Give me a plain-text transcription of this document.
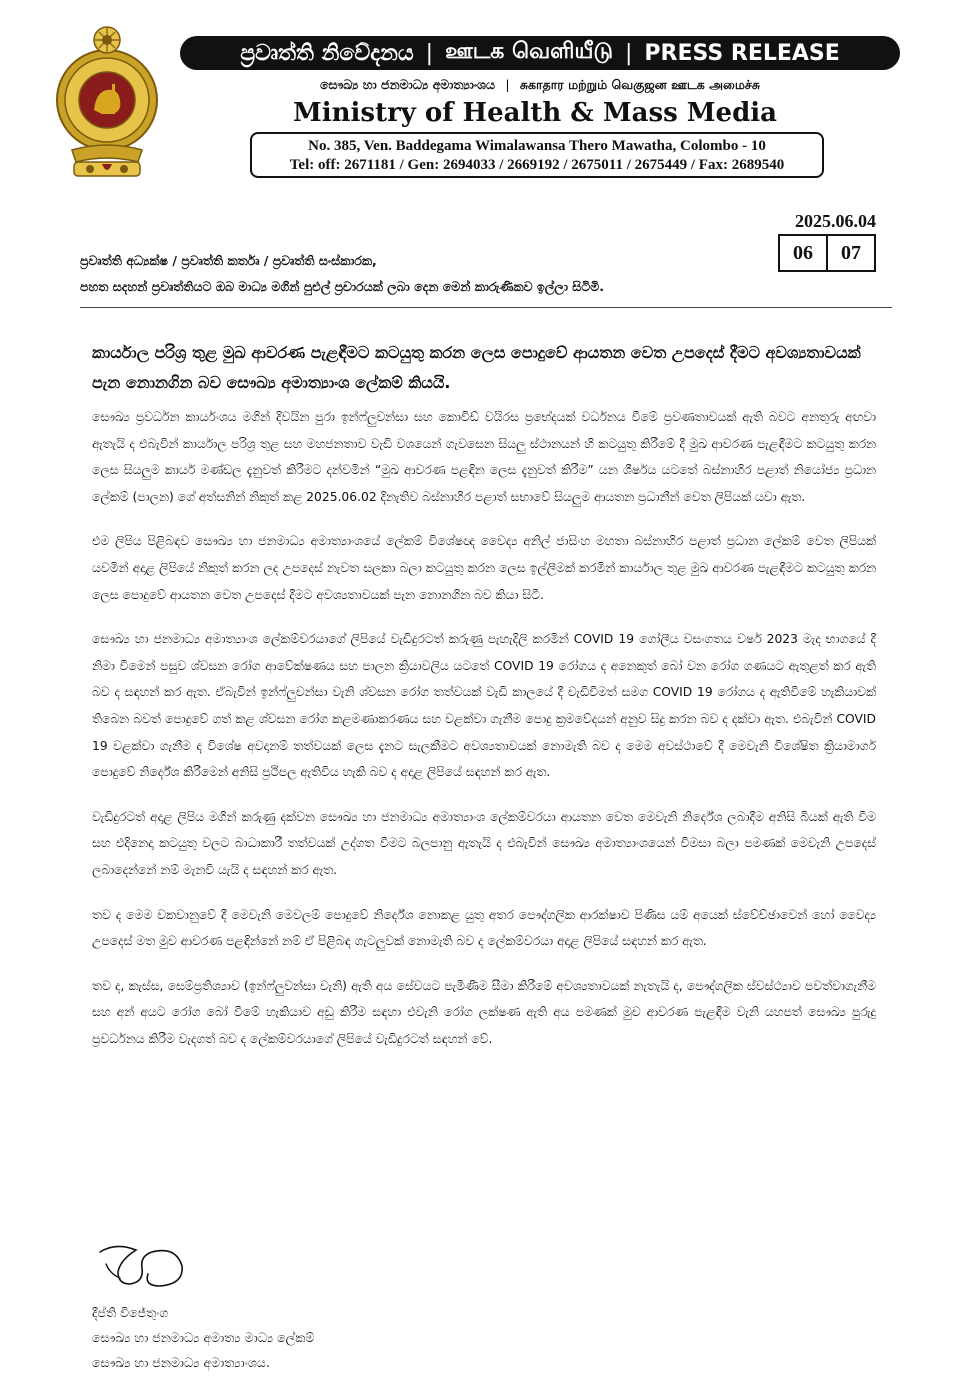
ප්‍රවෘත්ති නිවේදනය | ஊடக வெளியீடு | PRESS RELEASE
සෞඛ්‍ය හා ජනමාධ්‍ය අමාත්‍යාංශය | சுகாதார மற்றும் வெகுஜன ஊடக அமைச்சு
Ministry of Health & Mass Media
No. 385, Ven. Baddegama Wimalawansa Thero Mawatha, Colombo - 10
Tel: off: 2671181 / Gen: 2694033 / 2669192 / 2675011 / 2675449 / Fax: 2689540
2025.06.04
06	07
ප්‍රවෘත්ති අධ්‍යක්ෂ / ප්‍රවෘත්ති කර්තෘ / ප්‍රවෘත්ති සංස්කාරක,
පහත සදහන් ප්‍රවෘත්තියට ඔබ මාධ්‍ය මගින් පුළුල් ප්‍රචාරයක් ලබා දෙන මෙන් කාරුණිකව ඉල්ලා සිටිමි.
කාර්යාල පරිශ්‍ර තුළ මුඛ ආවරණ පැළඳීමට කටයුතු කරන ලෙස පොදුවේ ආයතන වෙත උපදෙස් දීමට අවශ්‍යතාවයක් පැන නොනගින බව සෞඛ්‍ය අමාත්‍යාංශ ලේකම් කියයි.

සෞඛ්‍ය ප්‍රවර්ධන කාර්යංශය මගින් දිවයින පුරා ඉන්ෆ්ලුවන්සා සහ කොවිඩ් වයිරස ප්‍රභේදයක් වර්ධනය වීමේ ප්‍රවණතාවයක් ඇති බවට අනතුරු අඟවා ඇතැයි ද එබැවින් කාර්යාල පරිශ්‍ර තුළ සහ මහජනතාව වැඩි වශයෙන් ගැවසෙන සියලු ස්ථානයන් හි කටයුතු කිරීමේ දී මුඛ ආවරණ පැළඳීමට කටයුතු කරන ලෙස සියලුම කාර්ය මණ්ඩල දැනුවත් කිරීමට දන්වමින් “මුඛ ආවරණ පළඳින ලෙස දැනුවත් කිරීම” යන ශීර්ෂය යටතේ බස්නාහිර පළාත් නියෝජ්‍ය ප්‍රධාන ලේකම් (පාලන) ගේ අත්සනින් නිකුත් කළ 2025.06.02 දිනැතිව බස්නාහිර පළාත් සභාවේ සියලුම ආයතන ප්‍රධානීන් වෙත ලිපියක් යවා ඇත.

එම ලිපිය පිළිබඳව සෞඛ්‍ය හා ජනමාධ්‍ය අමාත්‍යාංශයේ ලේකම් විශේෂඥ වෛද්‍ය අනිල් ජාසිංහ මහතා බස්නාහිර පළාත් ප්‍රධාන ලේකම් වෙත ලිපියක් යවමින් අදාළ ලිපියේ නිකුත් කරන ලද උපදෙස් නැවත සලකා බලා කටයුතු කරන ලෙස ඉල්ලීමක් කරමින් කාර්යාල තුළ මුඛ ආවරණ පැළඳීමට කටයුතු කරන ලෙස පොදුවේ ආයතන වෙත උපදෙස් දීමට අවශ්‍යතාවයක් පැන නොනගින බව කියා සිටී.

සෞඛ්‍ය හා ජනමාධ්‍ය අමාත්‍යාංශ ලේකම්වරයාගේ ලිපියේ වැඩිදුරටත් කරුණු පැහැදිලි කරමින් COVID 19 ගෝලීය වසංගතය වර්ෂ 2023 මැද භාගයේ දී නිමා වීමෙන් පසුව ශ්වසන රෝග ආවේක්ෂණය සහ පාලන ක්‍රියාවලිය යටතේ COVID 19 රෝගය ද අනෙකුත් බෝ වන රෝග ගණයට ඇතුළත් කර ඇති බව ද සඳහන් කර ඇත. ඒබැවින් ඉන්ෆ්ලුවන්සා වැනි ශ්වසන රෝග තත්වයක් වැඩි කාලයේ දී වැඩිවීමත් සමග COVID 19 රෝගය ද ඇතිවීමේ හැකියාවක් තිබෙන බවත් පොදුවේ ගත් කළ ශ්වසන රෝග කළමණාකරණය සහ වළක්වා ගැනීම පොදු ක්‍රමවේදයන් අනුව සිදු කරන බව ද දක්වා ඇත. එබැවින් COVID 19 වළක්වා ගැනීම ද විශේෂ අවදානම් තත්වයක් ලෙස දැනට සැලකීමට අවශ්‍යතාවයක් නොමැති බව ද මෙම අවස්ථාවේ දී මෙවැනි විශේෂිත ක්‍රියාමාර්ග පොදුවේ නිර්දේශ කිරීමෙන් අනිසි ප්‍රථිපල ඇතිවිය හැකි බව ද අදාළ ලිපියේ සඳහන් කර ඇත.

වැඩිදුරටත් අදාළ ලිපිය මගින් කරුණු දක්වන සෞඛ්‍ය හා ජනමාධ්‍ය අමාත්‍යාංශ ලේකම්වරයා ආයතන වෙත මෙවැනි නිර්දේශ ලබාදීම අනිසි බියක් ඇති වීම සහ එදිනෙදා කටයුතු වලට බාධාකාරී තත්වයක් උද්ගත වීමට බලපානු ඇතැයි ද එබැවින් සෞඛ්‍ය අමාත්‍යාංශයෙන් විමසා බලා පමණක් මෙවැනි උපදෙස් ලබාදෙන්නේ නම් මැනවි යැයි ද සඳහන් කර ඇත.

තව ද මෙම වකවානුවේ දී මෙවැනි මෙවලම් පොදුවේ නිර්දේශ නොකළ යුතු අතර පෞද්ගලික ආරක්ෂාව පිණිස යම් අයෙක් ස්වේච්ඡාවෙන් හෝ වෛද්‍ය උපදෙස් මත මුව ආවරණ පළඳින්නේ නම් ඒ පිළිබඳ ගැටලුවක් නොමැති බව ද ලේකම්වරයා අදාළ ලිපියේ සඳහන් කර ඇත.

තව ද, කැස්ස, සෙම්ප්‍රතිශ්‍යාව (ඉන්ෆ්ලුවන්සා වැනි) ඇති අය සේවයට පැමිණීම සීමා කිරීමේ අවශ්‍යතාවයක් නැතැයි ද, පෞද්ගලික ස්වස්ථ්‍යාව පවත්වාගැනීම සහ අන් අයට රෝග බෝ වීමේ හැකියාව අඩු කිරීම සඳහා එවැනි රෝග ලක්ෂණ ඇති අය පමණක් මුව ආවරණ පැළඳීම වැනි යහපත් සෞඛ්‍ය පුරුදු ප්‍රවර්ධනය කිරීම වැදගත් බව ද ලේකම්වරයාගේ ලිපියේ වැඩිදුරටත් සඳහන් වේ.

දීප්ති විජේතුංග
සෞඛ්‍ය හා ජනමාධ්‍ය අමාත්‍ය මාධ්‍ය ලේකම්
සෞඛ්‍ය හා ජනමාධ්‍ය අමාත්‍යාංශය.
